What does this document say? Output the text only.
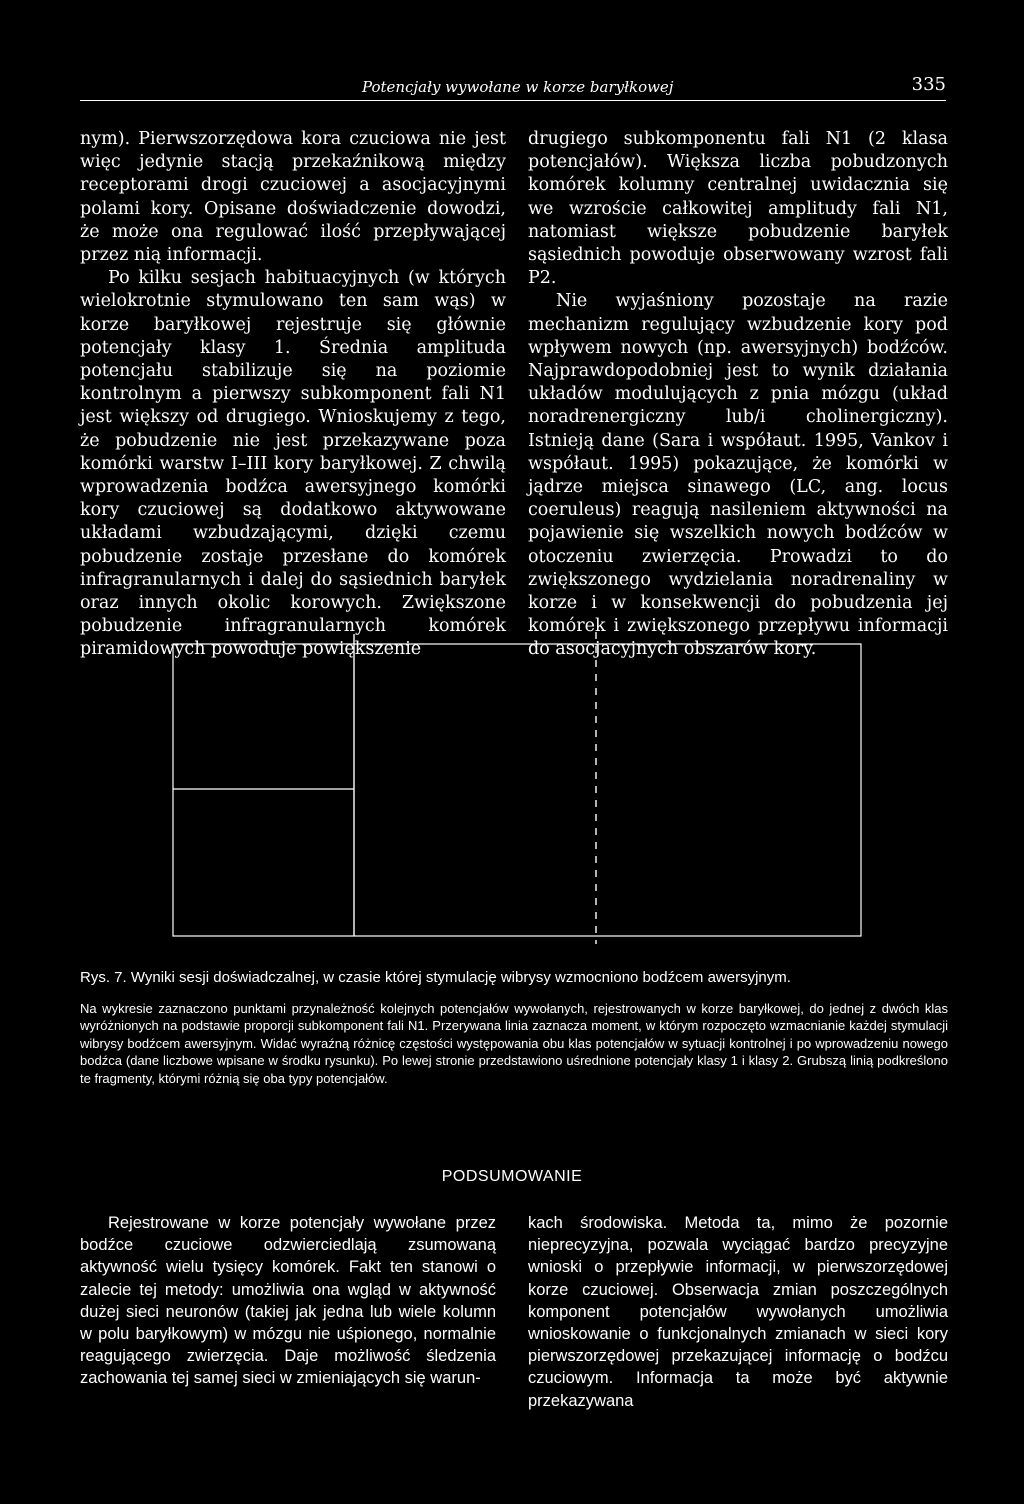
Potencjały wywołane w korze baryłkowej	335

nym). Pierwszorzędowa kora czuciowa nie jest więc jedynie stacją przekaźnikową między receptorami drogi czuciowej a asocjacyjnymi polami kory. Opisane doświadczenie dowodzi, że może ona regulować ilość przepływającej przez nią informacji.

Po kilku sesjach habituacyjnych (w których wielokrotnie stymulowano ten sam wąs) w korze baryłkowej rejestruje się głównie potencjały klasy 1. Średnia amplituda potencjału stabilizuje się na poziomie kontrolnym a pierwszy subkomponent fali N1 jest większy od drugiego. Wnioskujemy z tego, że pobudzenie nie jest przekazywane poza komórki warstw I–III kory baryłkowej. Z chwilą wprowadzenia bodźca awersyjnego komórki kory czuciowej są dodatkowo aktywowane układami wzbudzającymi, dzięki czemu pobudzenie zostaje przesłane do komórek infragranularnych i dalej do sąsiednich baryłek oraz innych okolic korowych. Zwiększone pobudzenie infragranularnych komórek piramidowych powoduje powiększenie

drugiego subkomponentu fali N1 (2 klasa potencjałów). Większa liczba pobudzonych komórek kolumny centralnej uwidacznia się we wzroście całkowitej amplitudy fali N1, natomiast większe pobudzenie baryłek sąsiednich powoduje obserwowany wzrost fali P2.

Nie wyjaśniony pozostaje na razie mechanizm regulujący wzbudzenie kory pod wpływem nowych (np. awersyjnych) bodźców. Najprawdopodobniej jest to wynik działania układów modulujących z pnia mózgu (układ noradrenergiczny lub/i cholinergiczny). Istnieją dane (Sara i współaut. 1995, Vankov i współaut. 1995) pokazujące, że komórki w jądrze miejsca sinawego (LC, ang. locus coeruleus) reagują nasileniem aktywności na pojawienie się wszelkich nowych bodźców w otoczeniu zwierzęcia. Prowadzi to do zwiększonego wydzielania noradrenaliny w korze i w konsekwencji do pobudzenia jej komórek i zwiększonego przepływu informacji do asocjacyjnych obszarów kory.

Rys. 7. Wyniki sesji doświadczalnej, w czasie której stymulację wibrysy wzmocniono bodźcem awersyjnym.
Na wykresie zaznaczono punktami przynależność kolejnych potencjałów wywołanych, rejestrowanych w korze baryłkowej, do jednej z dwóch klas wyróżnionych na podstawie proporcji subkomponent fali N1. Przerywana linia zaznacza moment, w którym rozpoczęto wzmacnianie każdej stymulacji wibrysy bodźcem awersyjnym. Widać wyraźną różnicę częstości występowania obu klas potencjałów w sytuacji kontrolnej i po wprowadzeniu nowego bodźca (dane liczbowe wpisane w środku rysunku). Po lewej stronie przedstawiono uśrednione potencjały klasy 1 i klasy 2. Grubszą linią podkreślono te fragmenty, którymi różnią się oba typy potencjałów.
PODSUMOWANIE

Rejestrowane w korze potencjały wywołane przez bodźce czuciowe odzwierciedlają zsumowaną aktywność wielu tysięcy komórek. Fakt ten stanowi o zalecie tej metody: umożliwia ona wgląd w aktywność dużej sieci neuronów (takiej jak jedna lub wiele kolumn w polu baryłkowym) w mózgu nie uśpionego, normalnie reagującego zwierzęcia. Daje możliwość śledzenia zachowania tej samej sieci w zmieniających się warun-

kach środowiska. Metoda ta, mimo że pozornie nieprecyzyjna, pozwala wyciągać bardzo precyzyjne wnioski o przepływie informacji, w pierwszorzędowej korze czuciowej. Obserwacja zmian poszczególnych komponent potencjałów wywołanych umożliwia wnioskowanie o funkcjonalnych zmianach w sieci kory pierwszorzędowej przekazującej informację o bodźcu czuciowym. Informacja ta może być aktywnie przekazywana
